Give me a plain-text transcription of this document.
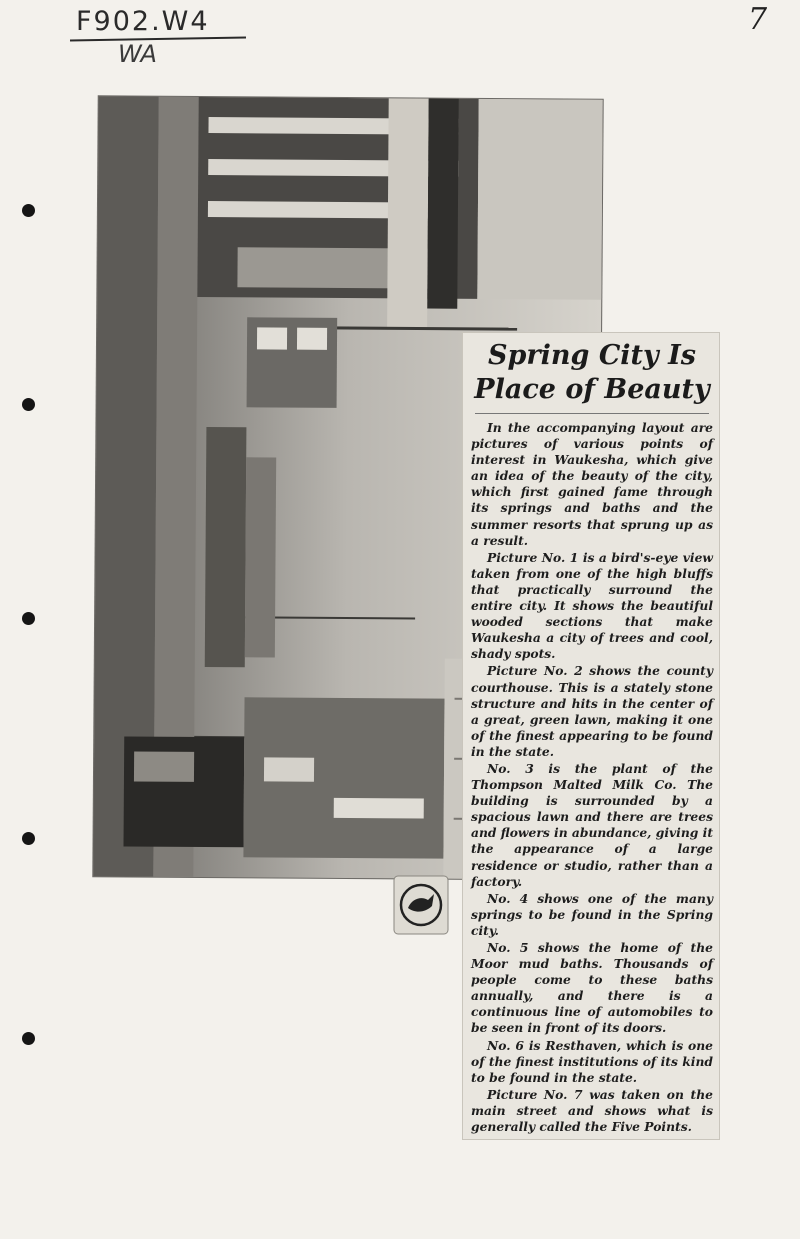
F902.W4
WA
7
Spring City Is
Place of Beauty

In the accompanying layout are pictures of various points of interest in Waukesha, which give an idea of the beauty of the city, which first gained fame through its springs and baths and the summer resorts that sprung up as a result.

Picture No. 1 is a bird's-eye view taken from one of the high bluffs that practically surround the entire city. It shows the beautiful wooded sections that make Waukesha a city of trees and cool, shady spots.

Picture No. 2 shows the county courthouse. This is a stately stone structure and hits in the center of a great, green lawn, making it one of the finest appearing to be found in the state.

No. 3 is the plant of the Thompson Malted Milk Co. The building is surrounded by a spacious lawn and there are trees and flowers in abundance, giving it the appearance of a large residence or studio, rather than a factory.

No. 4 shows one of the many springs to be found in the Spring city.

No. 5 shows the home of the Moor mud baths. Thousands of people come to these baths annually, and there is a continuous line of automobiles to be seen in front of its doors.

No. 6 is Resthaven, which is one of the finest institutions of its kind to be found in the state.

Picture No. 7 was taken on the main street and shows what is generally called the Five Points.
